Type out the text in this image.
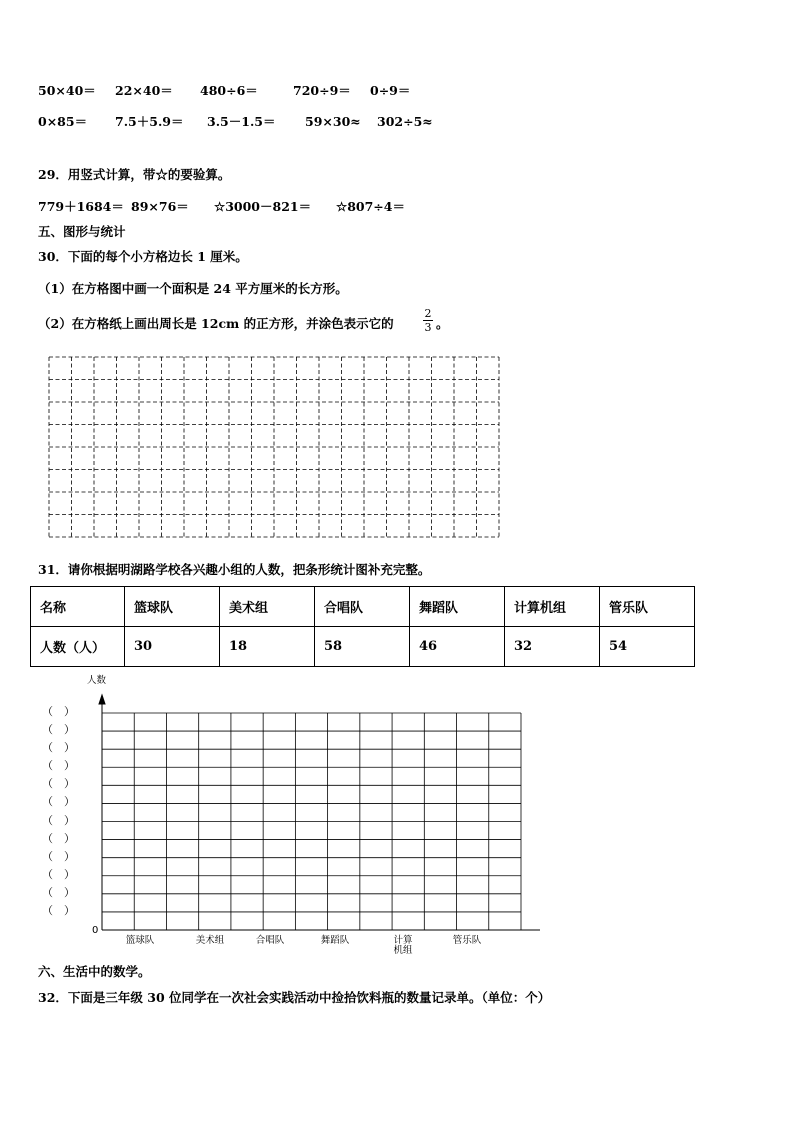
50×40＝ 22×40＝ 480÷6＝	720÷9＝ 0÷9＝
0×85＝ 7.5＋5.9＝ 3.5－1.5＝ 59×30≈ 302÷5≈
29．用竖式计算，带☆的要验算。
779＋1684＝ 89×76＝ ☆3000－821＝ ☆807÷4＝
五、图形与统计
30．下面的每个小方格边长 1 厘米。
（1）在方格图中画一个面积是 24 平方厘米的长方形。
（2）在方格纸上画出周长是 12cm 的正方形，并涂色表示它的
2
3 。
31．请你根据明湖路学校各兴趣小组的人数，把条形统计图补充完整。
名称	篮球队	美术组	合唱队	舞蹈队	计算机组	管乐队
人数（人）	30	18	58	46	32	54
人数
0
（　）
（　）
（　）
（　）
（　）
（　）
（　）
（　）
（　）
（　）
（　）
（　）
篮球队	美术组	合唱队	舞蹈队	计算
机组
管乐队
六、生活中的数学。
32．下面是三年级 30 位同学在一次社会实践活动中捡拾饮料瓶的数量记录单。（单位：个）
